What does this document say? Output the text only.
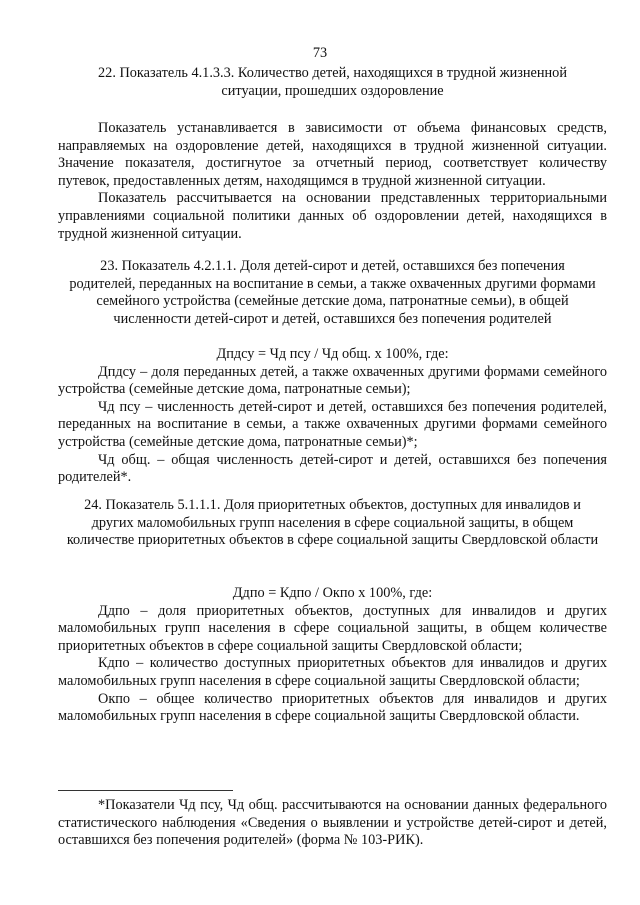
73
22. Показатель 4.1.3.3. Количество детей, находящихся в трудной жизненной ситуации, прошедших оздоровление

Показатель устанавливается в зависимости от объема финансовых средств, направляемых на оздоровление детей, находящихся в трудной жизненной ситуации. Значение показателя, достигнутое за отчетный период, соответствует количеству путевок, предоставленных детям, находящимся в трудной жизненной ситуации.

Показатель рассчитывается на основании представленных территориальными управлениями социальной политики данных об оздоровлении детей, находящихся в трудной жизненной ситуации.

23. Показатель 4.2.1.1. Доля детей-сирот и детей, оставшихся без попечения родителей, переданных на воспитание в семьи, а также охваченных другими формами семейного устройства (семейные детские дома, патронатные семьи), в общей численности детей-сирот и детей, оставшихся без попечения родителей

Дпдсу = Чд псу / Чд общ. х 100%, где:

Дпдсу – доля переданных детей, а также охваченных другими формами семейного устройства (семейные детские дома, патронатные семьи);

Чд псу – численность детей-сирот и детей, оставшихся без попечения родителей, переданных на воспитание в семьи, а также охваченных другими формами семейного устройства (семейные детские дома, патронатные семьи)*;

Чд общ. – общая численность детей-сирот и детей, оставшихся без попечения родителей*.

24. Показатель 5.1.1.1. Доля приоритетных объектов, доступных для инвалидов и других маломобильных групп населения в сфере социальной защиты, в общем количестве приоритетных объектов в сфере социальной защиты Свердловской области

Ддпо = Кдпо / Окпо х 100%, где:

Ддпо – доля приоритетных объектов, доступных для инвалидов и других маломобильных групп населения в сфере социальной защиты, в общем количестве приоритетных объектов в сфере социальной защиты Свердловской области;

Кдпо – количество доступных приоритетных объектов для инвалидов и других маломобильных групп населения в сфере социальной защиты Свердловской области;

Окпо – общее количество приоритетных объектов для инвалидов и других маломобильных групп населения в сфере социальной защиты Свердловской области.

*Показатели Чд псу, Чд общ. рассчитываются на основании данных федерального статистического наблюдения «Сведения о выявлении и устройстве детей-сирот и детей, оставшихся без попечения родителей» (форма № 103-РИК).
